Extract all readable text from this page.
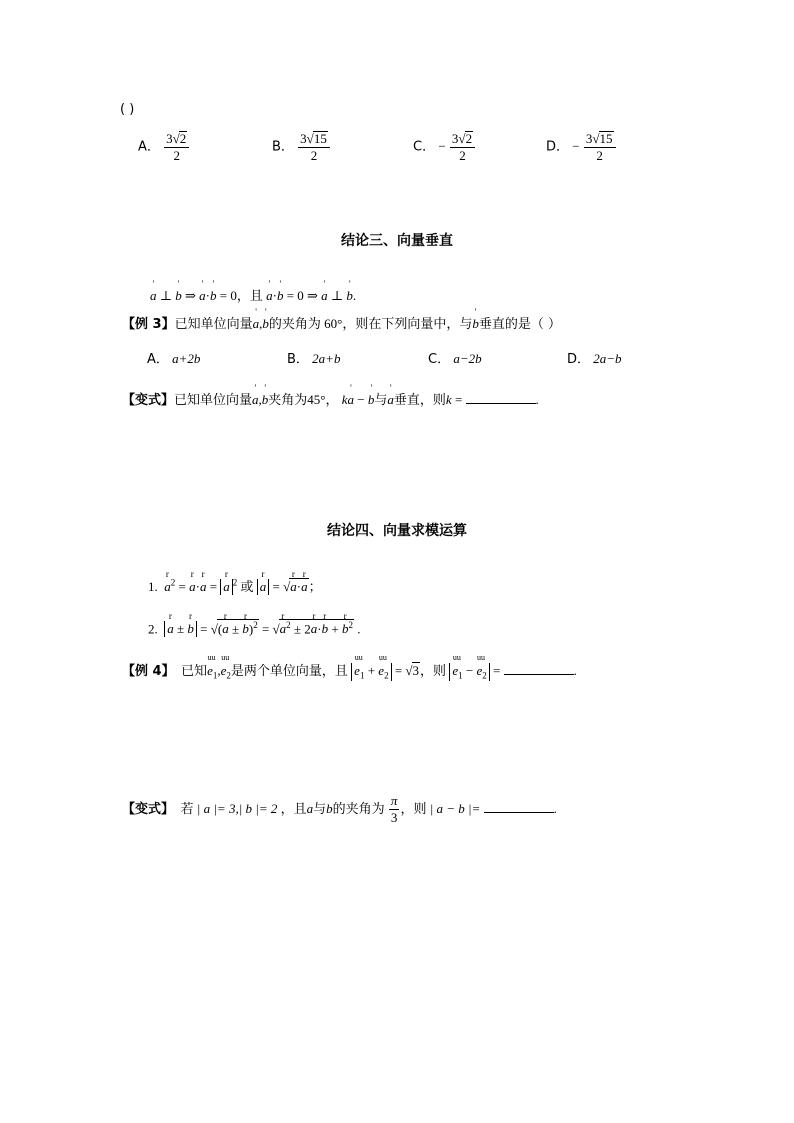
( )
A． $\frac{3√2}{2}$	B． $\frac{3√15}{2}$	C． − $\frac{3√2}{2}$	D． − $\frac{3√15}{2}$
结论三、向量垂直
' a ⊥ ' b ⇒ ' a·' b = 0，且 ' a·' b = 0 ⇒ ' a ⊥ ' b.
【例 3】已知单位向量' a,' b的夹角为 60°，则在下列向量中，与' b垂直的是（ ）
A． a+2b	B． 2a+b	C． a−2b	D． 2a−b
【变式】已知单位向量' a,' b夹角为45°， k' a − ' b与' a垂直，则k =	.
结论四、向量求模运算
1. r $a^2 = r$ a·r a = r a $^2$ 或 r a = √r a·r a；
2. r a ± r b = √(r a ± r b)$^2$ = √r $a^2 \pm 2r$ a·r b + r $b^2$ .
【例 4】 已知uu $e_1,uu$ $e_2$是两个单位向量，且 uu $e_1$ + uu $e_2 = √3$，则 uu $e_1$ − uu $e_2$ =	.
【变式】 若 | a |= 3,| b |= 2 ，且a与b的夹角为 $\frac{\pi}{3}$ ，则 | a − b |=	.
